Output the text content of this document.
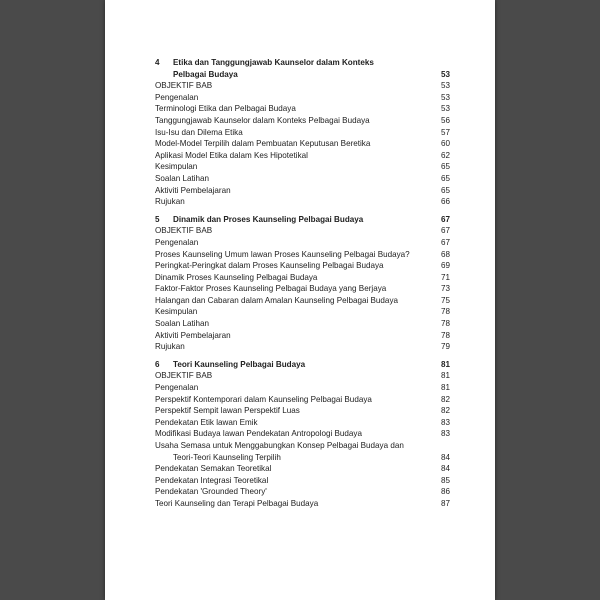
4 Etika dan Tanggungjawab Kaunselor dalam Konteks
Pelbagai Budaya	53
OBJEKTIF BAB	53
Pengenalan	53
Terminologi Etika dan Pelbagai Budaya	53
Tanggungjawab Kaunselor dalam Konteks Pelbagai Budaya	56
Isu-Isu dan Dilema Etika	57
Model-Model Terpilih dalam Pembuatan Keputusan Beretika	60
Aplikasi Model Etika dalam Kes Hipotetikal	62
Kesimpulan	65
Soalan Latihan	65
Aktiviti Pembelajaran	65
Rujukan	66
5 Dinamik dan Proses Kaunseling Pelbagai Budaya	67
OBJEKTIF BAB	67
Pengenalan	67
Proses Kaunseling Umum lawan Proses Kaunseling Pelbagai Budaya?	68
Peringkat-Peringkat dalam Proses Kaunseling Pelbagai Budaya	69
Dinamik Proses Kaunseling Pelbagai Budaya	71
Faktor-Faktor Proses Kaunseling Pelbagai Budaya yang Berjaya	73
Halangan dan Cabaran dalam Amalan Kaunseling Pelbagai Budaya	75
Kesimpulan	78
Soalan Latihan	78
Aktiviti Pembelajaran	78
Rujukan	79
6 Teori Kaunseling Pelbagai Budaya	81
OBJEKTIF BAB	81
Pengenalan	81
Perspektif Kontemporari dalam Kaunseling Pelbagai Budaya	82
Perspektif Sempit lawan Perspektif Luas	82
Pendekatan Etik lawan Emik	83
Modifikasi Budaya lawan Pendekatan Antropologi Budaya	83
Usaha Semasa untuk Menggabungkan Konsep Pelbagai Budaya dan
Teori-Teori Kaunseling Terpilih	84
Pendekatan Semakan Teoretikal	84
Pendekatan Integrasi Teoretikal	85
Pendekatan 'Grounded Theory'	86
Teori Kaunseling dan Terapi Pelbagai Budaya	87
